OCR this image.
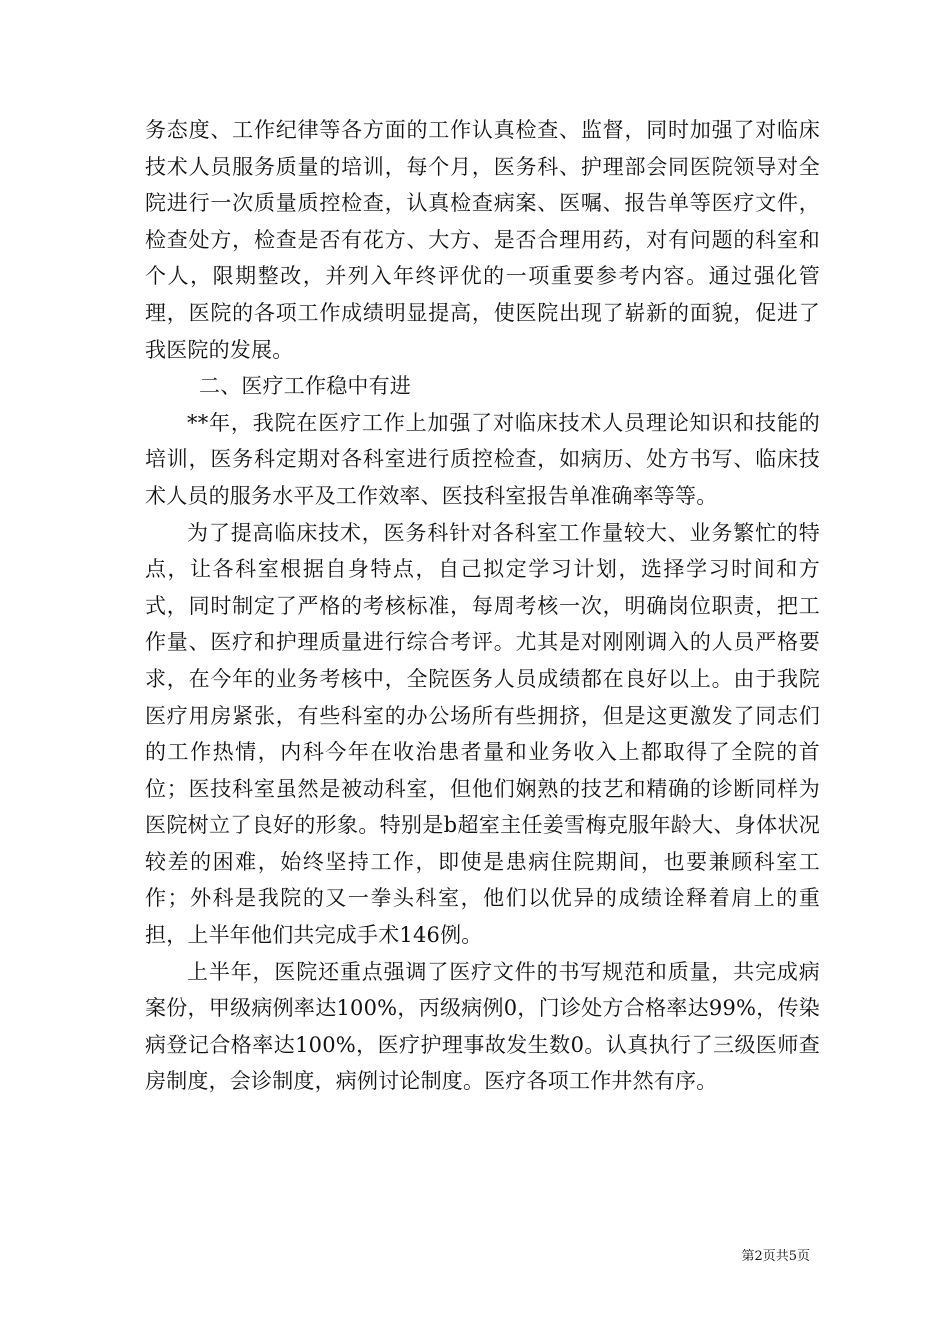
务态度、工作纪律等各方面的工作认真检查、监督，同时加强了对临床技术人员服务质量的培训，每个月，医务科、护理部会同医院领导对全院进行一次质量质控检查，认真检查病案、医嘱、报告单等医疗文件，检查处方，检查是否有花方、大方、是否合理用药，对有问题的科室和个人，限期整改，并列入年终评优的一项重要参考内容。通过强化管理，医院的各项工作成绩明显提高，使医院出现了崭新的面貌，促进了我医院的发展。

二、医疗工作稳中有进

**年，我院在医疗工作上加强了对临床技术人员理论知识和技能的培训，医务科定期对各科室进行质控检查，如病历、处方书写、临床技术人员的服务水平及工作效率、医技科室报告单准确率等等。

为了提高临床技术，医务科针对各科室工作量较大、业务繁忙的特点，让各科室根据自身特点，自己拟定学习计划，选择学习时间和方式，同时制定了严格的考核标准，每周考核一次，明确岗位职责，把工作量、医疗和护理质量进行综合考评。尤其是对刚刚调入的人员严格要求，在今年的业务考核中，全院医务人员成绩都在良好以上。由于我院医疗用房紧张，有些科室的办公场所有些拥挤，但是这更激发了同志们的工作热情，内科今年在收治患者量和业务收入上都取得了全院的首位；医技科室虽然是被动科室，但他们娴熟的技艺和精确的诊断同样为医院树立了良好的形象。特别是b超室主任姜雪梅克服年龄大、身体状况较差的困难，始终坚持工作，即使是患病住院期间，也要兼顾科室工作；外科是我院的又一拳头科室，他们以优异的成绩诠释着肩上的重担，上半年他们共完成手术146例。

上半年，医院还重点强调了医疗文件的书写规范和质量，共完成病案份，甲级病例率达100%，丙级病例0，门诊处方合格率达99%，传染病登记合格率达100%，医疗护理事故发生数0。认真执行了三级医师查房制度，会诊制度，病例讨论制度。医疗各项工作井然有序。

第2页共5页
